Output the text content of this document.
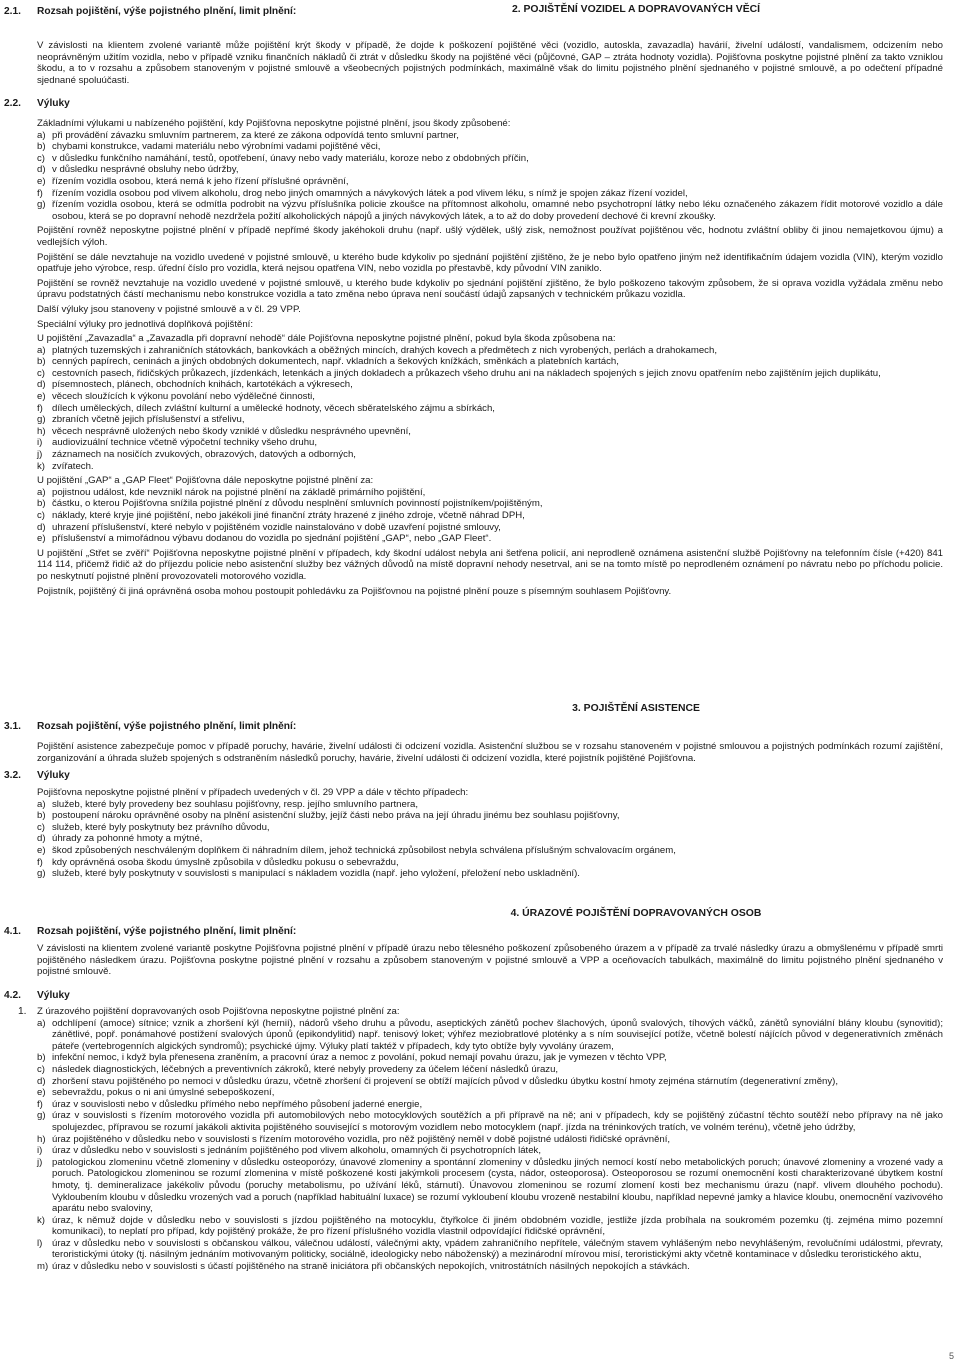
2.1. Rozsah pojištění, výše pojistného plnění, limit plnění:	2. POJIŠTĚNÍ VOZIDEL A DOPRAVOVANÝCH VĚCÍ

V závislosti na klientem zvolené variantě může pojištění krýt škody v případě, že dojde k poškození pojištěné věci (vozidlo, autoskla, zavazadla) havárií, živelní událostí, vandalismem, odcizením nebo neoprávněným užitím vozidla, nebo v případě vzniku finančních nákladů či ztrát v důsledku škody na pojištěné věci (půjčovné, GAP – ztráta hodnoty vozidla). Pojišťovna poskytne pojistné plnění za takto vzniklou škodu, a to v rozsahu a způsobem stanoveným v pojistné smlouvě a všeobecných pojistných podmínkách, maximálně však do limitu pojistného plnění sjednaného v pojistné smlouvě, a po odečtení případné sjednané spoluúčasti.

2.2. Výluky

Základními výlukami u nabízeného pojištění, kdy Pojišťovna neposkytne pojistné plnění, jsou škody způsobené:

a) při provádění závazku smluvním partnerem, za které ze zákona odpovídá tento smluvní partner,
b) chybami konstrukce, vadami materiálu nebo výrobními vadami pojištěné věci,
c) v důsledku funkčního namáhání, testů, opotřebení, únavy nebo vady materiálu, koroze nebo z obdobných příčin,
d) v důsledku nesprávné obsluhy nebo údržby,
e) řízením vozidla osobou, která nemá k jeho řízení příslušné oprávnění,
f) řízením vozidla osobou pod vlivem alkoholu, drog nebo jiných omamných a návykových látek a pod vlivem léku, s nímž je spojen zákaz řízení vozidel,
g) řízením vozidla osobou, která se odmítla podrobit na výzvu příslušníka policie zkoušce na přítomnost alkoholu, omamné nebo psychotropní látky nebo léku označeného zákazem řídit motorové vozidlo a dále osobou, která se po dopravní nehodě nezdržela požití alkoholických nápojů a jiných návykových látek, a to až do doby provedení dechové či krevní zkoušky.

Pojištění rovněž neposkytne pojistné plnění v případě nepřímé škody jakéhokoli druhu (např. ušlý výdělek, ušlý zisk, nemožnost používat pojištěnou věc, hodnotu zvláštní obliby či jinou nemajetkovou újmu) a vedlejších výloh.

Pojištění se dále nevztahuje na vozidlo uvedené v pojistné smlouvě, u kterého bude kdykoliv po sjednání pojištění zjištěno, že je nebo bylo opatřeno jiným než identifikačním údajem vozidla (VIN), kterým vozidlo opatřuje jeho výrobce, resp. úřední číslo pro vozidla, která nejsou opatřena VIN, nebo vozidla po přestavbě, kdy původní VIN zaniklo.

Pojištění se rovněž nevztahuje na vozidlo uvedené v pojistné smlouvě, u kterého bude kdykoliv po sjednání pojištění zjištěno, že bylo poškozeno takovým způsobem, že si oprava vozidla vyžádala změnu nebo úpravu podstatných částí mechanismu nebo konstrukce vozidla a tato změna nebo úprava není součástí údajů zapsaných v technickém průkazu vozidla.

Další výluky jsou stanoveny v pojistné smlouvě a v čl. 29 VPP.

Speciální výluky pro jednotlivá doplňková pojištění:

U pojištění „Zavazadla“ a „Zavazadla při dopravní nehodě“ dále Pojišťovna neposkytne pojistné plnění, pokud byla škoda způsobena na:

a) platných tuzemských i zahraničních státovkách, bankovkách a oběžných mincích, drahých kovech a předmětech z nich vyrobených, perlách a drahokamech,
b) cenných papírech, ceninách a jiných obdobných dokumentech, např. vkladních a šekových knížkách, směnkách a platebních kartách,
c) cestovních pasech, řidičských průkazech, jízdenkách, letenkách a jiných dokladech a průkazech všeho druhu ani na nákladech spojených s jejich znovu opatřením nebo zajištěním jejich duplikátu,
d) písemnostech, plánech, obchodních knihách, kartotékách a výkresech,
e) věcech sloužících k výkonu povolání nebo výdělečné činnosti,
f) dílech uměleckých, dílech zvláštní kulturní a umělecké hodnoty, věcech sběratelského zájmu a sbírkách,
g) zbraních včetně jejich příslušenství a střelivu,
h) věcech nesprávně uložených nebo škody vzniklé v důsledku nesprávného upevnění,
i)	audiovizuální technice včetně výpočetní techniky všeho druhu,
j)	záznamech na nosičích zvukových, obrazových, datových a odborných,
k) zvířatech.

U pojištění „GAP“ a „GAP Fleet“ Pojišťovna dále neposkytne pojistné plnění za:

a) pojistnou událost, kde nevznikl nárok na pojistné plnění na základě primárního pojištění,
b) částku, o kterou Pojišťovna snížila pojistné plnění z důvodu nesplnění smluvních povinností pojistníkem/pojištěným,
c) náklady, které kryje jiné pojištění, nebo jakékoli jiné finanční ztráty hrazené z jiného zdroje, včetně náhrad DPH,
d) uhrazení příslušenství, které nebylo v pojištěném vozidle nainstalováno v době uzavření pojistné smlouvy,
e) příslušenství a mimořádnou výbavu dodanou do vozidla po sjednání pojištění „GAP“, nebo „GAP Fleet“.

U pojištění „Střet se zvěří“ Pojišťovna neposkytne pojistné plnění v případech, kdy škodní událost nebyla ani šetřena policií, ani neprodleně oznámena asistenční službě Pojišťovny na telefonním čísle (+420) 841 114 114, přičemž řidič až do příjezdu policie nebo asistenční služby bez vážných důvodů na místě dopravní nehody nesetrval, ani se na tomto místě po neprodleném oznámení po návratu nebo po příchodu policie. po neskytnutí pojistné plnění provozovateli motorového vozidla.

Pojistník, pojištěný či jiná oprávněná osoba mohou postoupit pohledávku za Pojišťovnou na pojistné plnění pouze s písemným souhlasem Pojišťovny.

3. POJIŠTĚNÍ ASISTENCE
3.1. Rozsah pojištění, výše pojistného plnění, limit plnění:

Pojištění asistence zabezpečuje pomoc v případě poruchy, havárie, živelní události či odcizení vozidla. Asistenční službou se v rozsahu stanoveném v pojistné smlouvou a pojistných podmínkách rozumí zajištění, zorganizování a úhrada služeb spojených s odstraněním následků poruchy, havárie, živelní události či odcizení vozidla, které pojistník pojištěné Pojišťovna.

3.2. Výluky

Pojišťovna neposkytne pojistné plnění v případech uvedených v čl. 29 VPP a dále v těchto případech:

a) služeb, které byly provedeny bez souhlasu pojišťovny, resp. jejího smluvního partnera,
b) postoupení nároku oprávněné osoby na plnění asistenční služby, jejíž části nebo práva na její úhradu jinému bez souhlasu pojišťovny,
c) služeb, které byly poskytnuty bez právního důvodu,
d) úhrady za pohonné hmoty a mýtné,
e) škod způsobených neschváleným doplňkem či náhradním dílem, jehož technická způsobilost nebyla schválena příslušným schvalovacím orgánem,
f) kdy oprávněná osoba škodu úmyslně způsobila v důsledku pokusu o sebevraždu,
g) služeb, které byly poskytnuty v souvislosti s manipulací s nákladem vozidla (např. jeho vyložení, přeložení nebo uskladnění).
4. ÚRAZOVÉ POJIŠTĚNÍ DOPRAVOVANÝCH OSOB
4.1. Rozsah pojištění, výše pojistného plnění, limit plnění:

V závislosti na klientem zvolené variantě poskytne Pojišťovna pojistné plnění v případě úrazu nebo tělesného poškození způsobeného úrazem a v případě za trvalé následky úrazu a obmyšlenému v případě smrti pojištěného následkem úrazu. Pojišťovna poskytne pojistné plnění v rozsahu a způsobem stanoveným v pojistné smlouvě a VPP a oceňovacích tabulkách, maximálně do limitu pojistného plnění sjednaného v pojistné smlouvě.

4.2. Výluky
1. Z úrazového pojištění dopravovaných osob Pojišťovna neposkytne pojistné plnění za:

a) odchlípení (amoce) sítnice; vznik a zhoršení kýl (hernií), nádorů všeho druhu a původu, aseptických zánětů pochev šlachových, úponů svalových, tíhových váčků, zánětů synoviální blány kloubu (synovitid); zánětlivé, popř. ponámahové postižení svalových úponů (epikondylitid) např. tenisový loket; výhřez meziobratlové ploténky a s ním související potíže, včetně bolestí nájících původ v degenerativních změnách páteře (vertebrogenních algických syndromů); psychické újmy. Výluky platí taktéž v případech, kdy tyto obtíže byly vyvolány úrazem,
b) infekční nemoc, i když byla přenesena zraněním, a pracovní úraz a nemoc z povolání, pokud nemají povahu úrazu, jak je vymezen v těchto VPP,
c) následek diagnostických, léčebných a preventivních zákroků, které nebyly provedeny za účelem léčení následků úrazu,
d) zhoršení stavu pojištěného po nemoci v důsledku úrazu, včetně zhoršení či projevení se obtíží majících původ v důsledku úbytku kostní hmoty zejména stárnutím (degenerativní změny),
e) sebevraždu, pokus o ni ani úmyslné sebepoškození,
f) úraz v souvislosti nebo v důsledku přímého nebo nepřímého působení jaderné energie,
g) úraz v souvislosti s řízením motorového vozidla při automobilových nebo motocyklových soutěžích a při přípravě na ně; ani v případech, kdy se pojištěný zúčastní těchto soutěží nebo přípravy na ně jako spolujezdec, přípravou se rozumí jakákoli aktivita pojištěného související s motorovým vozidlem nebo motocyklem (např. jízda na tréninkových tratích, ve volném terénu), včetně jeho údržby,
h) úraz pojištěného v důsledku nebo v souvislosti s řízením motorového vozidla, pro něž pojištěný neměl v době pojistné události řidičské oprávnění,
i)	úraz v důsledku nebo v souvislosti s jednáním pojištěného pod vlivem alkoholu, omamných či psychotropních látek,
j)	patologickou zlomeninu včetně zlomeniny v důsledku osteoporózy, únavové zlomeniny a spontánní zlomeniny v důsledku jiných nemocí kostí nebo metabolických poruch; únavové zlomeniny a vrozené vady a poruch. Patologickou zlomeninou se rozumí zlomenina v místě poškozené kosti jakýmkoli procesem (cysta, nádor, osteoporosa). Osteoporosou se rozumí onemocnění kosti charakterizované úbytkem kostní hmoty, tj. demineralizace jakékoliv původu (poruchy metabolismu, po užívání léků, stárnutí). Únavovou zlomeninou se rozumí zlomení kosti bez mechanismu úrazu (např. vlivem dlouhého pochodu). Vykloubením kloubu v důsledku vrozených vad a poruch (například habituální luxace) se rozumí vykloubení kloubu vrozeně nestabilní kloubu, například nepevné jamky a hlavice kloubu, onemocnění vazivového aparátu nebo svaloviny,
k) úraz, k němuž dojde v důsledku nebo v souvislosti s jízdou pojištěného na motocyklu, čtyřkolce či jiném obdobném vozidle, jestliže jízda probíhala na soukromém pozemku (tj. zejména mimo pozemní komunikaci), to neplatí pro případ, kdy pojištěný prokáže, že pro řízení příslušného vozidla vlastnil odpovídající řidičské oprávnění,
l)	úraz v důsledku nebo v souvislosti s občanskou válkou, válečnou událostí, válečnými akty, vpádem zahraničního nepřítele, válečným stavem vyhlášeným nebo nevyhlášeným, revolučními událostmi, převraty, teroristickými útoky (tj. násilným jednáním motivovaným politicky, sociálně, ideologicky nebo náboženský) a mezinárodní mírovou misí, teroristickými akty včetně kontaminace v důsledku teroristického aktu,
m) úraz v důsledku nebo v souvislosti s účastí pojištěného na straně iniciátora při občanských nepokojích, vnitrostátních násilných nepokojích a stávkách.
5
